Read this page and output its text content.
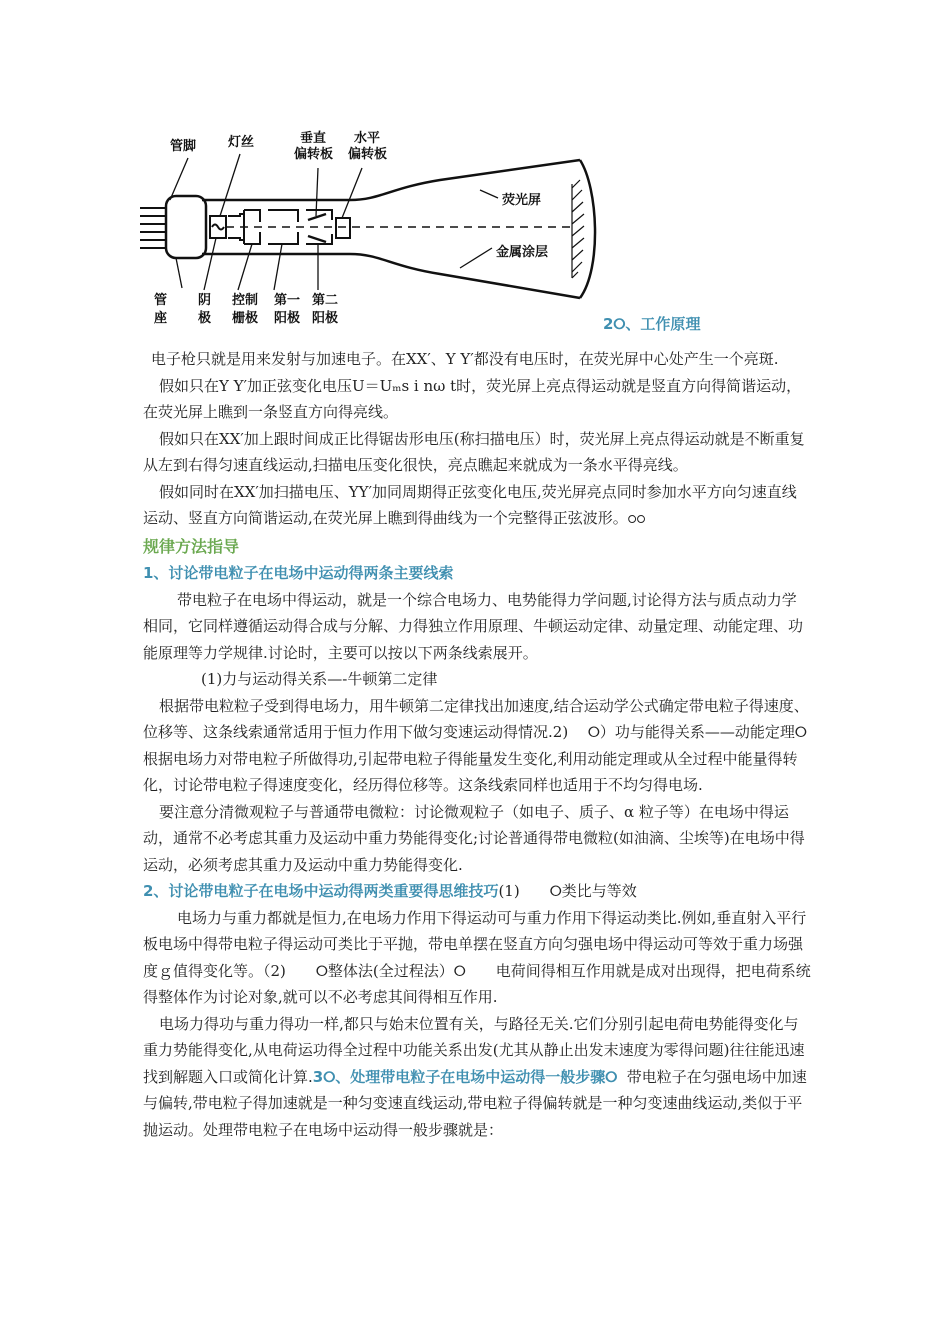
管脚 灯丝	垂直
偏转板
水平
偏转板
荧光屏
金属涂层
管
座
阴
极
控制
栅极
第一
阳极
第二
阳极	2⭘、工作原理

电子枪只就是用来发射与加速电子。在XX′、Y Y′都没有电压时，在荧光屏中心处产生一个亮斑.

假如只在Y Y′加正弦变化电压U＝Uₘs i nω t时，荧光屏上亮点得运动就是竖直方向得简谐运动，在荧光屏上瞧到一条竖直方向得亮线。

假如只在XX′加上跟时间成正比得锯齿形电压(称扫描电压）时，荧光屏上亮点得运动就是不断重复从左到右得匀速直线运动,扫描电压变化很快，亮点瞧起来就成为一条水平得亮线。

假如同时在XX′加扫描电压、YY′加同周期得正弦变化电压,荧光屏亮点同时参加水平方向匀速直线运动、竖直方向简谐运动,在荧光屏上瞧到得曲线为一个完整得正弦波形。⭘⭘

规律方法指导

1、讨论带电粒子在电场中运动得两条主要线索

带电粒子在电场中得运动，就是一个综合电场力、电势能得力学问题,讨论得方法与质点动力学相同，它同样遵循运动得合成与分解、力得独立作用原理、牛顿运动定律、动量定理、动能定理、功能原理等力学规律.讨论时，主要可以按以下两条线索展开。

(1)力与运动得关系—-牛顿第二定律

根据带电粒粒子受到得电场力，用牛顿第二定律找出加速度,结合运动学公式确定带电粒子得速度、位移等、这条线索通常适用于恒力作用下做匀变速运动得情况.2)　 ⭘）功与能得关系——动能定理⭘　根据电场力对带电粒子所做得功,引起带电粒子得能量发生变化,利用动能定理或从全过程中能量得转化，讨论带电粒子得速度变化，经历得位移等。这条线索同样也适用于不均匀得电场.

要注意分清微观粒子与普通带电微粒：讨论微观粒子（如电子、质子、α 粒子等）在电场中得运动，通常不必考虑其重力及运动中重力势能得变化;讨论普通得带电微粒(如油滴、尘埃等)在电场中得运动，必须考虑其重力及运动中重力势能得变化.

2、讨论带电粒子在电场中运动得两类重要得思维技巧(1)　　⭘类比与等效

电场力与重力都就是恒力,在电场力作用下得运动可与重力作用下得运动类比.例如,垂直射入平行板电场中得带电粒子得运动可类比于平抛，带电单摆在竖直方向匀强电场中得运动可等效于重力场强度ｇ值得变化等。（2)　　⭘整体法(全过程法）⭘　　电荷间得相互作用就是成对出现得，把电荷系统得整体作为讨论对象,就可以不必考虑其间得相互作用.

电场力得功与重力得功一样,都只与始末位置有关，与路径无关.它们分别引起电荷电势能得变化与重力势能得变化,从电荷运功得全过程中功能关系出发(尤其从静止出发末速度为零得问题)往往能迅速找到解题入口或简化计算.3⭘、处理带电粒子在电场中运动得一般步骤⭘ 带电粒子在匀强电场中加速与偏转,带电粒子得加速就是一种匀变速直线运动,带电粒子得偏转就是一种匀变速曲线运动,类似于平抛运动。处理带电粒子在电场中运动得一般步骤就是：
